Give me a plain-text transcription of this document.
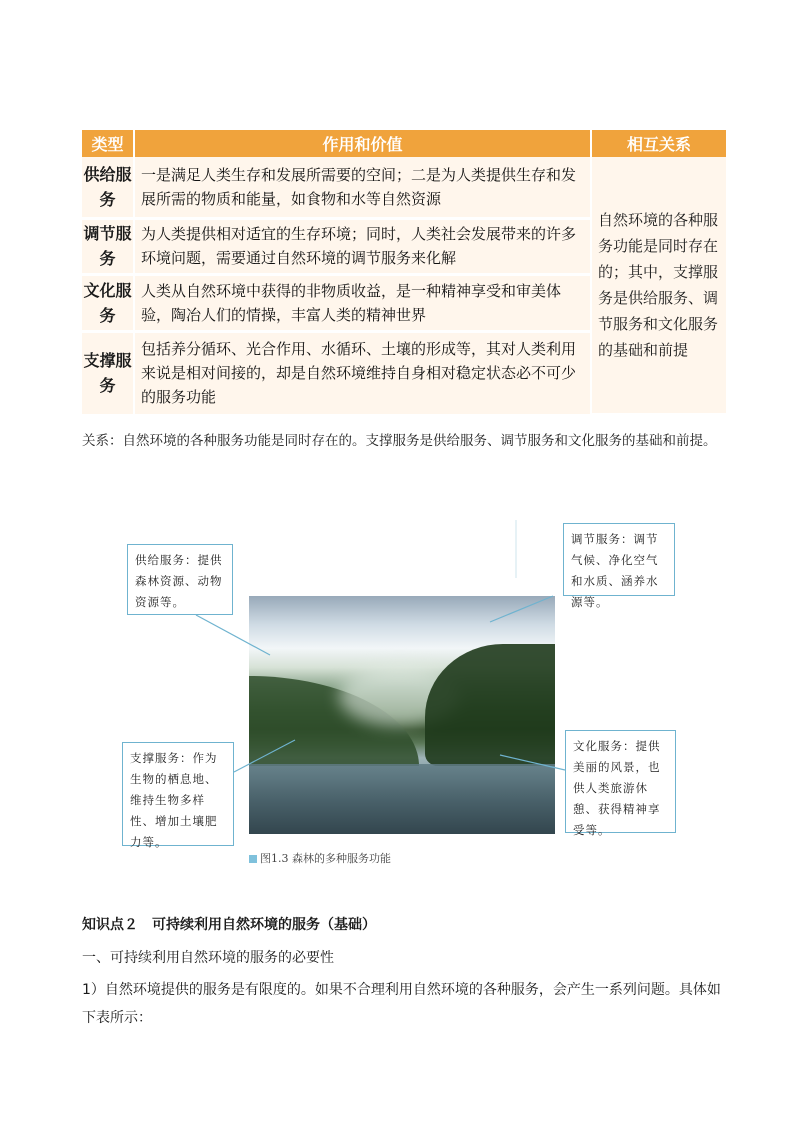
类型	作用和价值	相互关系
供给服务	一是满足人类生存和发展所需要的空间；二是为人类提供生存和发展所需的物质和能量，如食物和水等自然资源	自然环境的各种服务功能是同时存在的；其中，支撑服务是供给服务、调节服务和文化服务的基础和前提
调节服务	为人类提供相对适宜的生存环境；同时，人类社会发展带来的许多环境问题，需要通过自然环境的调节服务来化解	
文化服务	人类从自然环境中获得的非物质收益，是一种精神享受和审美体验，陶冶人们的情操，丰富人类的精神世界	
支撑服务	包括养分循环、光合作用、水循环、土壤的形成等，其对人类利用来说是相对间接的，却是自然环境维持自身相对稳定状态必不可少的服务功能	

关系：自然环境的各种服务功能是同时存在的。支撑服务是供给服务、调节服务和文化服务的基础和前提。

供给服务：提供森林资源、动物资源等。
调节服务：调节气候、净化空气和水质、涵养水源等。
支撑服务：作为生物的栖息地、维持生物多样性、增加土壤肥力等。
文化服务：提供美丽的风景，也供人类旅游休憩、获得精神享受等。
图1.3 森林的多种服务功能

知识点２　可持续利用自然环境的服务（基础）

一、可持续利用自然环境的服务的必要性

1）自然环境提供的服务是有限度的。如果不合理利用自然环境的各种服务，会产生一系列问题。具体如下表所示：
